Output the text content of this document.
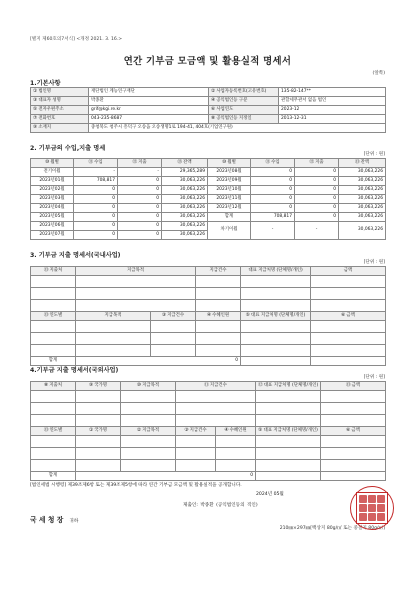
[별지 제60호의7서식] <개정 2021. 3. 16.>
연간 기부금 모금액 및 활용실적 명세서
(앞쪽)
1.기본사항
①법인명	재단법인 계능연구재단	②사업자등록번호(고유번호)	135-82-147**
③대표자 성명	박종환	④공익법인등 구분	관할세무관서 없음 법인
⑤전자우편주소	grif@kgi.re.kr	⑥사업연도	2023-12
⑦전화번호	043-235-8687	⑧공익법인등 지정일	2013-12-31
⑨소재지	충청북도 청주시 흥덕구 오송읍 오송생명1로 194-41, 404호(기업연구원)		
2. 기부금의 수입,지출 명세
[단위 : 원]
⑩월별	⑪수입	⑫지출	⑬잔액	⑩월별	⑪수입	⑫지출	⑬잔액
전기이월	-	-	29,365,289	2023년08월	0	0	30,063,226
2023년01월	708,817	0	30,063,226	2023년09월	0	0	30,063,226
2023년02월	0	0	30,063,226	2023년10월	0	0	30,063,226
2023년03월	0	0	30,063,226	2023년11월	0	0	30,063,226
2023년04월	0	0	30,063,226	2023년12월	0	0	30,063,226
2023년05월	0	0	30,063,226	합계	708,817	0	30,063,226
2023년06월	0	0	30,063,226	차기이월	-	-	30,063,226
2023년07월	0	0	30,063,226				
3. 기부금 지출 명세서(국내사업)
[단위 : 원]
⑬지출처	지급목적		지급건수	대표 지급처명 (단체명/개인)	금액

⑬연도별	지급목적	③지급건수	④수혜인원	⑤대표 지급처명 (단체명/개인)	⑥금액

합계	0				
4.기부금 지출 명세서(국외사업)
[단위 : 원]
⑧지출처	⑨국가명	⑩지급목적	⑪지급건수		⑫대표 지급처명 (단체명/개인)	⑬금액

⑬연도별	①국가명	②지급목적	③지급건수	④수혜인원	⑤대표 지급처명 (단체명/개인)	⑥금액

합계	0					
[법인세법 시행령] 제39조제6항 또는 제39조제5항에 따라 연간 기부금 모금액 및 활용실적을 공개합니다.
2024년 05월
제출인: 박종환 (공익법인등의 직인)
국 세 청 장 귀하
210㎜×297㎜[백상지 80g/㎡ 또는 중질지 80g/㎡]
